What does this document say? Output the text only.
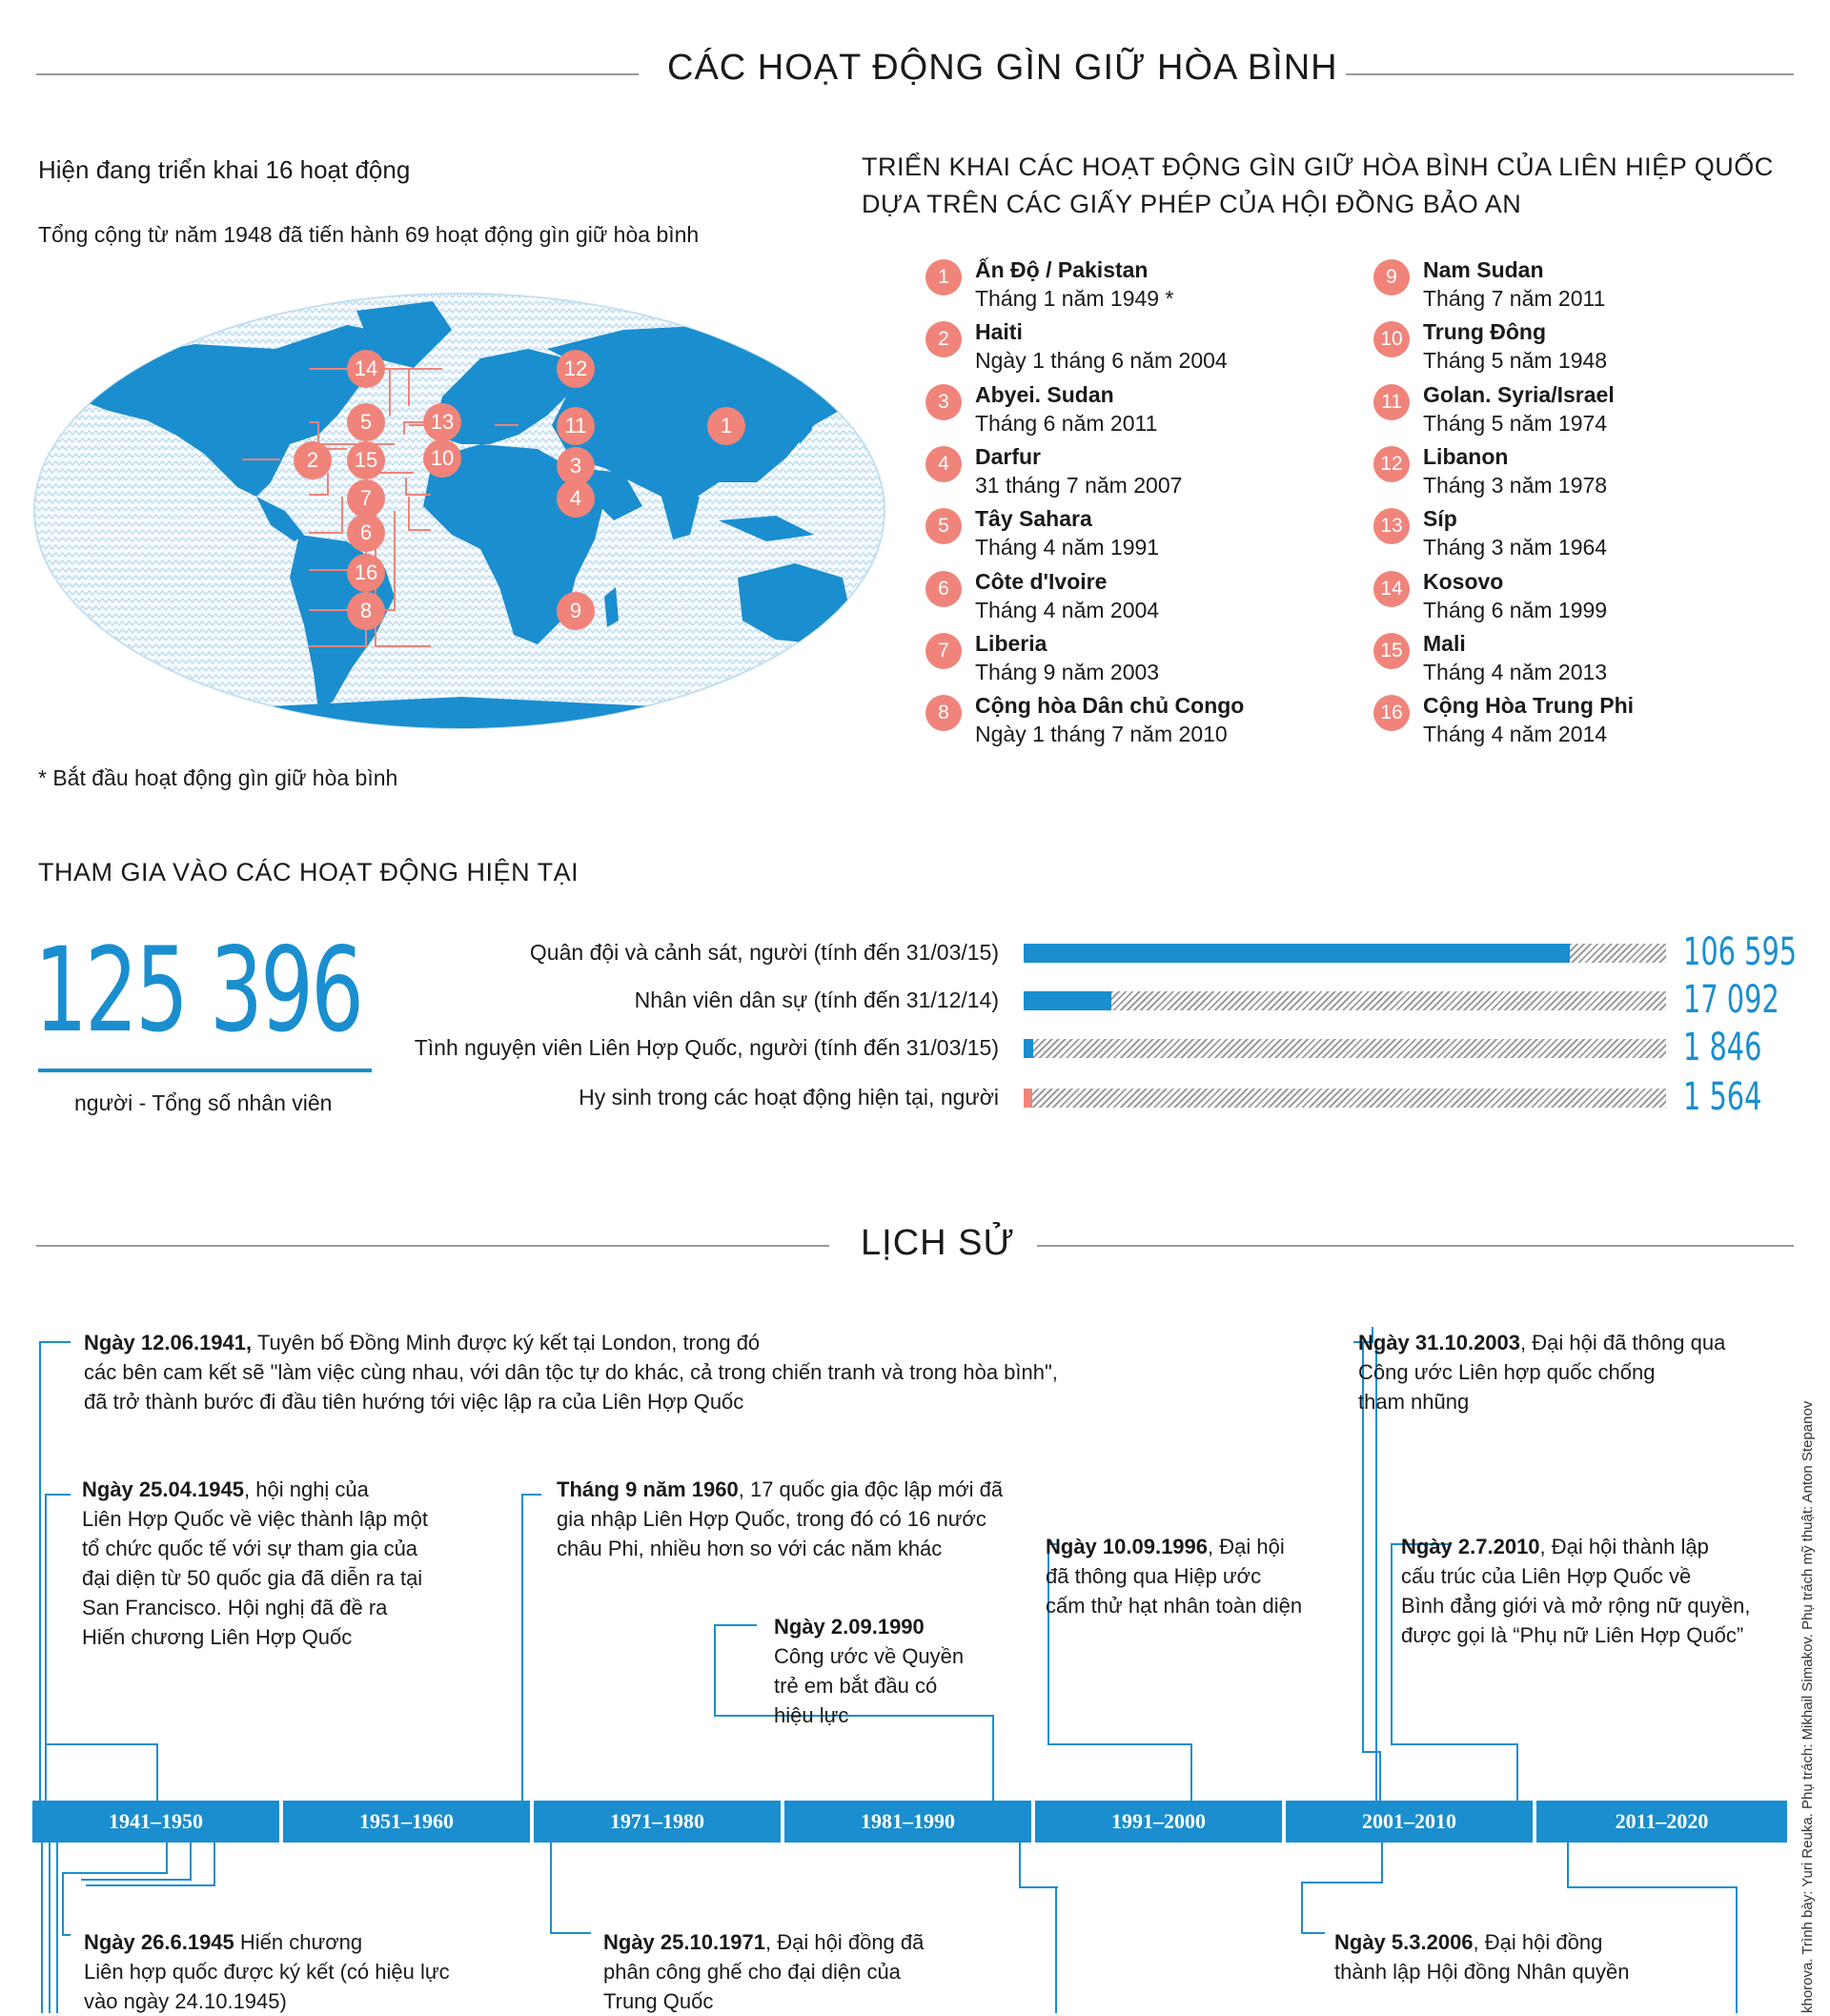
CÁC HOẠT ĐỘNG GÌN GIỮ HÒA BÌNH
Hiện đang triển khai 16 hoạt động
Tổng cộng từ năm 1948 đã tiến hành 69 hoạt động gìn giữ hòa bình
14	12
5	13	11	1
2	15	10	3
7	4
6
16
8	9
* Bắt đầu hoạt động gìn giữ hòa bình
TRIỂN KHAI CÁC HOẠT ĐỘNG GÌN GIỮ HÒA BÌNH CỦA LIÊN HIỆP QUỐC
DỰA TRÊN CÁC GIẤY PHÉP CỦA HỘI ĐỒNG BẢO AN
1	Ấn Độ / Pakistan
Tháng 1 năm 1949 *
2	Haiti
Ngày 1 tháng 6 năm 2004
3	Abyei. Sudan
Tháng 6 năm 2011
4	Darfur
31 tháng 7 năm 2007
5	Tây Sahara
Tháng 4 năm 1991
6	Côte d'Ivoire
Tháng 4 năm 2004
7	Liberia
Tháng 9 năm 2003
8	Cộng hòa Dân chủ Congo
Ngày 1 tháng 7 năm 2010
9	Nam Sudan
Tháng 7 năm 2011
10 Trung Đông
Tháng 5 năm 1948
11 Golan. Syria/Israel
Tháng 5 năm 1974
12 Libanon
Tháng 3 năm 1978
13 Síp
Tháng 3 năm 1964
14 Kosovo
Tháng 6 năm 1999
15 Mali
Tháng 4 năm 2013
16 Cộng Hòa Trung Phi
Tháng 4 năm 2014
THAM GIA VÀO CÁC HOẠT ĐỘNG HIỆN TẠI
125 396
người - Tổng số nhân viên
Quân đội và cảnh sát, người (tính đến 31/03/15)	106 595
Nhân viên dân sự (tính đến 31/12/14)	17 092
Tình nguyện viên Liên Hợp Quốc, người (tính đến 31/03/15)	1 846
Hy sinh trong các hoạt động hiện tại, người	1 564
LỊCH SỬ
1941–1950	1951–1960	1971–1980	1981–1990	1991–2000	2001–2010	2011–2020
Ngày 12.06.1941, Tuyên bố Đồng Minh được ký kết tại London, trong đó
các bên cam kết sẽ "làm việc cùng nhau, với dân tộc tự do khác, cả trong chiến tranh và trong hòa bình",
đã trở thành bước đi đầu tiên hướng tới việc lập ra của Liên Hợp Quốc
Ngày 25.04.1945, hội nghị của
Liên Hợp Quốc về việc thành lập một
tổ chức quốc tế với sự tham gia của
đại diện từ 50 quốc gia đã diễn ra tại
San Francisco. Hội nghị đã đề ra
Hiến chương Liên Hợp Quốc
Tháng 9 năm 1960, 17 quốc gia độc lập mới đã
gia nhập Liên Hợp Quốc, trong đó có 16 nước
châu Phi, nhiều hơn so với các năm khác
Ngày 2.09.1990
Công ước về Quyền
trẻ em bắt đầu có
hiệu lực
Ngày 10.09.1996, Đại hội
đã thông qua Hiệp ước
cấm thử hạt nhân toàn diện
Ngày 31.10.2003, Đại hội đã thông qua
Công ước Liên hợp quốc chống
tham nhũng
Ngày 2.7.2010, Đại hội thành lập
cấu trúc của Liên Hợp Quốc về
Bình đẳng giới và mở rộng nữ quyền,
được gọi là “Phụ nữ Liên Hợp Quốc”
Ngày 26.6.1945 Hiến chương
Liên hợp quốc được ký kết (có hiệu lực
vào ngày 24.10.1945)
Ngày 25.10.1971, Đại hội đồng đã
phân công ghế cho đại diện của
Trung Quốc
Ngày 5.3.2006, Đại hội đồng
thành lập Hội đồng Nhân quyền	khorova. Trình bày: Yuri Reuka. Phụ trách: Mikhail Simakov. Phụ trách mỹ thuật: Anton Stepanov
